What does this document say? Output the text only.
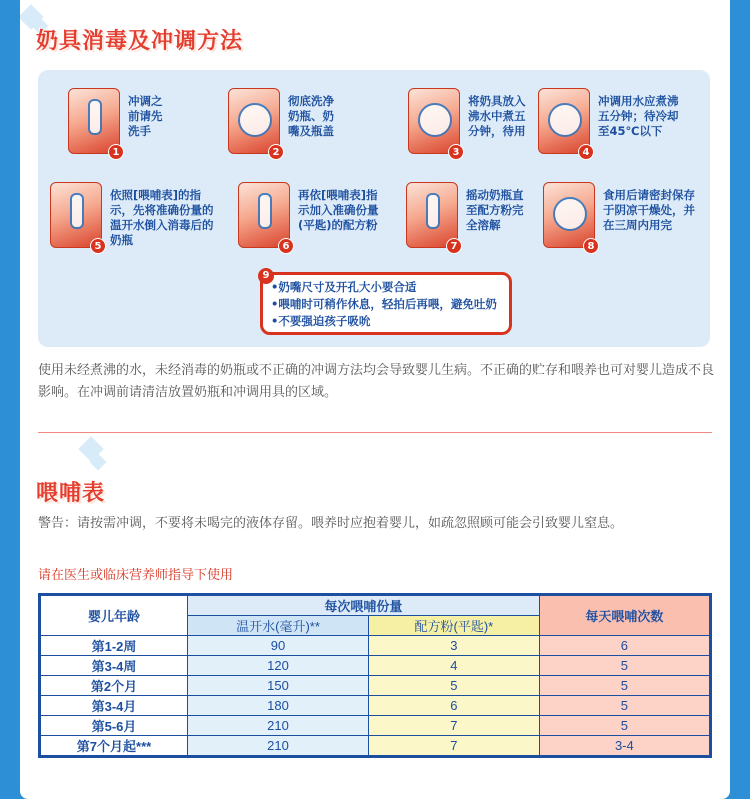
奶具消毒及冲调方法
1
冲调之前请先洗手
2
彻底洗净奶瓶、奶嘴及瓶盖
3
将奶具放入沸水中煮五分钟，待用
4
冲调用水应煮沸五分钟；待冷却至45℃以下
5
依照[喂哺表]的指示，先将准确份量的温开水倒入消毒后的奶瓶	6
再依[喂哺表]指示加入准确份量(平匙)的配方粉
7
摇动奶瓶直至配方粉完全溶解
8
食用后请密封保存于阴凉干燥处，并在三周内用完
•奶嘴尺寸及开孔大小要合适
•喂哺时可稍作休息，轻拍后再喂，避免吐奶
•不要强迫孩子吸吮
9
使用未经煮沸的水，未经消毒的奶瓶或不正确的冲调方法均会导致婴儿生病。不正确的贮存和喂养也可对婴儿造成不良影响。在冲调前请清洁放置奶瓶和冲调用具的区域。
喂哺表
警告：请按需冲调，不要将未喝完的液体存留。喂养时应抱着婴儿，如疏忽照顾可能会引致婴儿窒息。
请在医生或临床营养师指导下使用
婴儿年龄	每次喂哺份量		每天喂哺次数
	温开水(毫升)**	配方粉(平匙)*	
第1-2周	90	3	6
第3-4周	120	4	5
第2个月	150	5	5
第3-4月	180	6	5
第5-6月	210	7	5
第7个月起***	210	7	3-4
